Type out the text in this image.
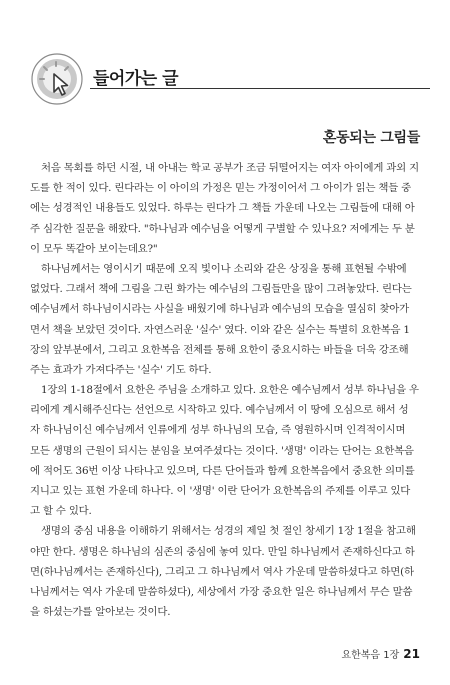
들어가는 글
혼동되는 그림들
처음 목회를 하던 시절, 내 아내는 학교 공부가 조금 뒤떨어지는 여자 아이에게 과외 지
도를 한 적이 있다. 린다라는 이 아이의 가정은 믿는 가정이어서 그 아이가 읽는 책들 중
에는 성경적인 내용들도 있었다. 하루는 린다가 그 책들 가운데 나오는 그림들에 대해 아
주 심각한 질문을 해왔다. "하나님과 예수님을 어떻게 구별할 수 있나요? 저에게는 두 분
이 모두 똑같아 보이는데요?"
하나님께서는 영이시기 때문에 오직 빛이나 소리와 같은 상징을 통해 표현될 수밖에
없었다. 그래서 책에 그림을 그린 화가는 예수님의 그림들만을 많이 그려놓았다. 린다는
예수님께서 하나님이시라는 사실을 배웠기에 하나님과 예수님의 모습을 열심히 찾아가
면서 책을 보았던 것이다. 자연스러운 '실수' 였다. 이와 같은 실수는 특별히 요한복음 1
장의 앞부분에서, 그리고 요한복음 전체를 통해 요한이 중요시하는 바들을 더욱 강조해
주는 효과가 가져다주는 '실수' 기도 하다.
1장의 1-18절에서 요한은 주님을 소개하고 있다. 요한은 예수님께서 성부 하나님을 우
리에게 계시해주신다는 선언으로 시작하고 있다. 예수님께서 이 땅에 오심으로 해서 성
자 하나님이신 예수님께서 인류에게 성부 하나님의 모습, 즉 영원하시며 인격적이시며
모든 생명의 근원이 되시는 분임을 보여주셨다는 것이다. '생명' 이라는 단어는 요한복음
에 적어도 36번 이상 나타나고 있으며, 다른 단어들과 함께 요한복음에서 중요한 의미를
지니고 있는 표현 가운데 하나다. 이 '생명' 이란 단어가 요한복음의 주제를 이루고 있다
고 할 수 있다.
생명의 중심 내용을 이해하기 위해서는 성경의 제일 첫 절인 창세기 1장 1절을 참고해
야만 한다. 생명은 하나님의 심존의 중심에 놓여 있다. 만일 하나님께서 존재하신다고 하
면(하나님께서는 존재하신다), 그리고 그 하나님께서 역사 가운데 말씀하셨다고 하면(하
나님께서는 역사 가운데 말씀하셨다), 세상에서 가장 중요한 일은 하나님께서 무슨 말씀
을 하셨는가를 알아보는 것이다.
요한복음 1장 21
